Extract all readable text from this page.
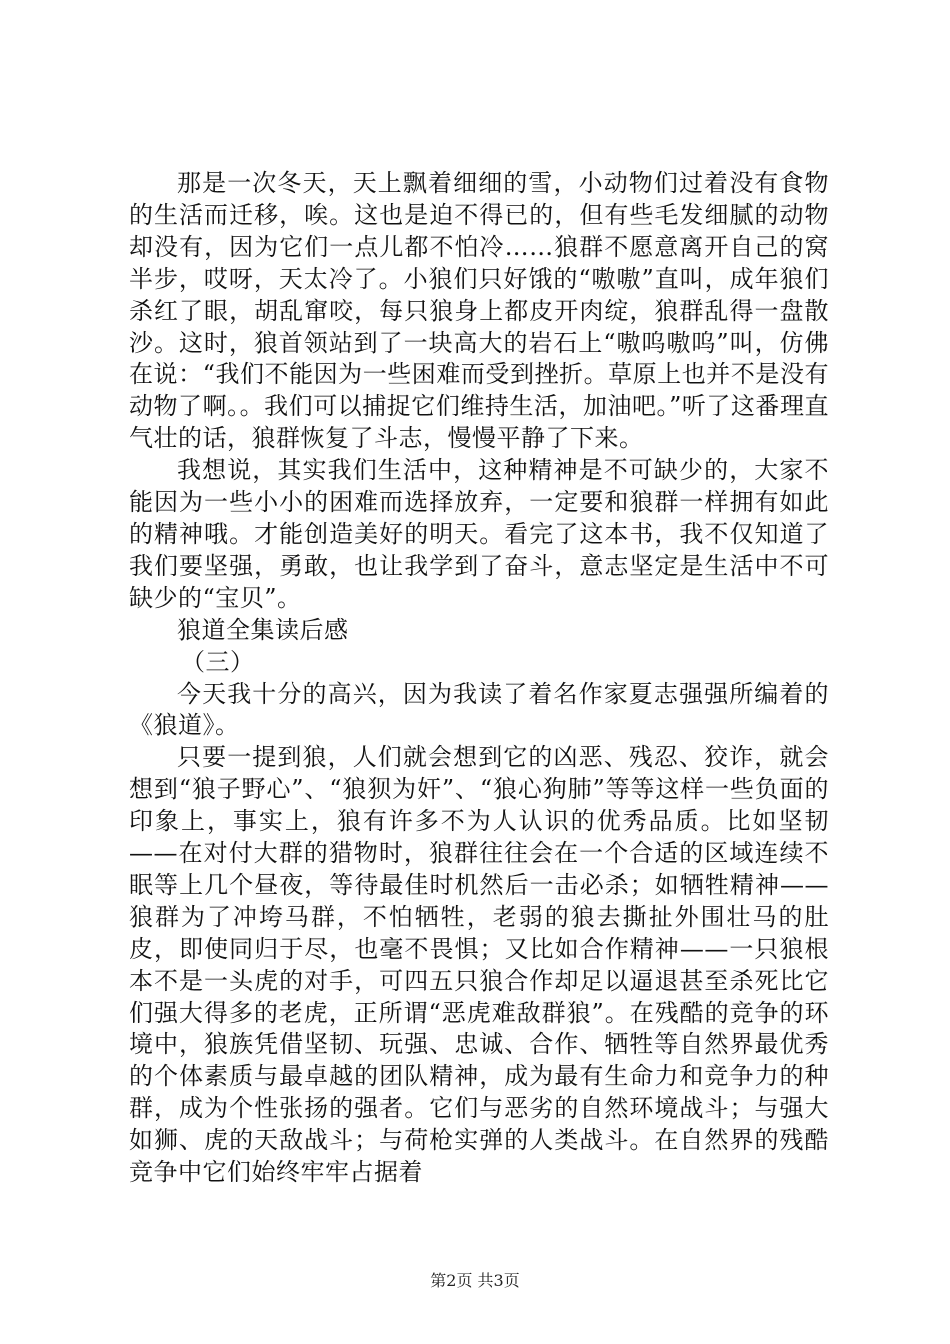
那是一次冬天，天上飘着细细的雪，小动物们过着没有食物的生活而迁移，唉。这也是迫不得已的，但有些毛发细腻的动物却没有，因为它们一点儿都不怕冷……狼群不愿意离开自己的窝半步，哎呀，天太冷了。小狼们只好饿的“嗷嗷”直叫，成年狼们杀红了眼，胡乱窜咬，每只狼身上都皮开肉绽，狼群乱得一盘散沙。这时，狼首领站到了一块高大的岩石上“嗷呜嗷呜”叫，仿佛在说：“我们不能因为一些困难而受到挫折。草原上也并不是没有动物了啊。。我们可以捕捉它们维持生活，加油吧。”听了这番理直气壮的话，狼群恢复了斗志，慢慢平静了下来。

我想说，其实我们生活中，这种精神是不可缺少的，大家不能因为一些小小的困难而选择放弃，一定要和狼群一样拥有如此的精神哦。才能创造美好的明天。看完了这本书，我不仅知道了我们要坚强，勇敢，也让我学到了奋斗，意志坚定是生活中不可缺少的“宝贝”。

狼道全集读后感

（三）

今天我十分的高兴，因为我读了着名作家夏志强强所编着的《狼道》。

只要一提到狼，人们就会想到它的凶恶、残忍、狡诈，就会想到“狼子野心”、“狼狈为奸”、“狼心狗肺”等等这样一些负面的印象上，事实上，狼有许多不为人认识的优秀品质。比如坚韧——在对付大群的猎物时，狼群往往会在一个合适的区域连续不眠等上几个昼夜，等待最佳时机然后一击必杀；如牺牲精神——狼群为了冲垮马群，不怕牺牲，老弱的狼去撕扯外围壮马的肚皮，即使同归于尽，也毫不畏惧；又比如合作精神——一只狼根本不是一头虎的对手，可四五只狼合作却足以逼退甚至杀死比它们强大得多的老虎，正所谓“恶虎难敌群狼”。在残酷的竞争的环境中，狼族凭借坚韧、玩强、忠诚、合作、牺牲等自然界最优秀的个体素质与最卓越的团队精神，成为最有生命力和竞争力的种群，成为个性张扬的强者。它们与恶劣的自然环境战斗；与强大如狮、虎的天敌战斗；与荷枪实弹的人类战斗。在自然界的残酷竞争中它们始终牢牢占据着

第2页 共3页
